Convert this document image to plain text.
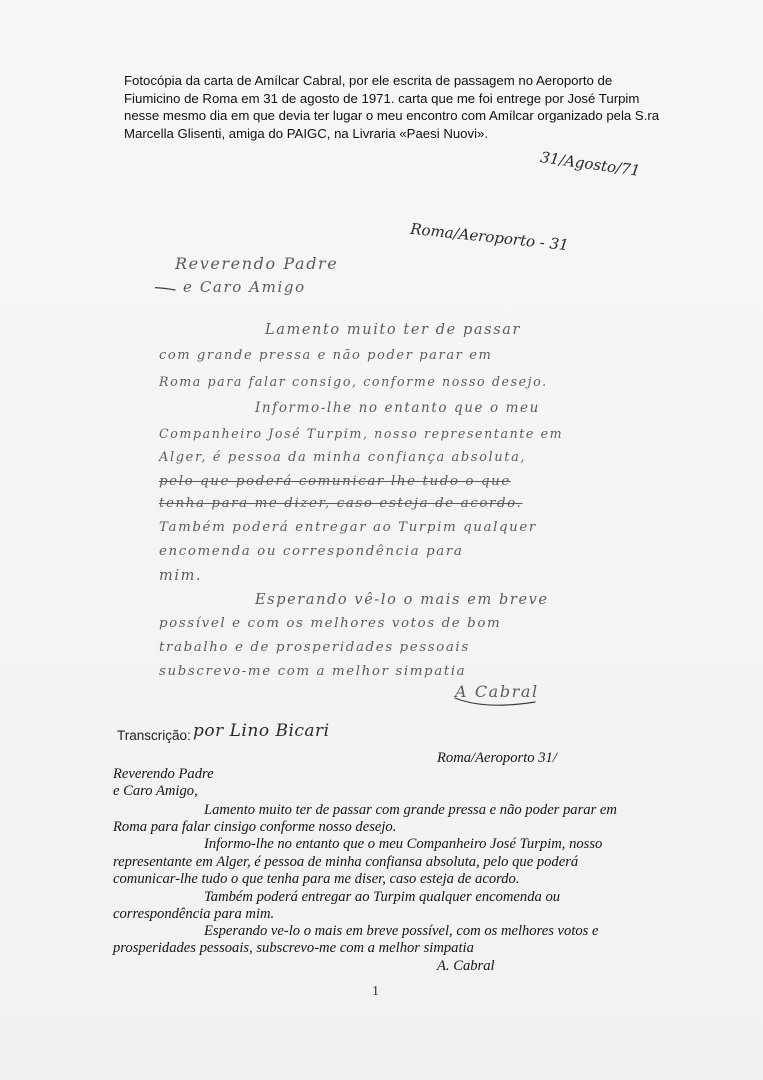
Fotocópia da carta de Amílcar Cabral, por ele escrita de passagem no Aeroporto de
Fiumicino de Roma em 31 de agosto de 1971. carta que me foi entrege por José Turpim
nesse mesmo dia em que devia ter lugar o meu encontro com Amílcar organizado pela S.ra
Marcella Glisenti, amiga do PAIGC, na Livraria «Paesi Nuovi».
31/Agosto/71
Roma/Aeroporto - 31
Reverendo Padre
e Caro Amigo
Lamento muito ter de passar
com grande pressa e não poder parar em
Roma para falar consigo, conforme nosso desejo.
Informo-lhe no entanto que o meu
Companheiro José Turpim, nosso representante em
Alger, é pessoa da minha confiança absoluta,
pelo que poderá comunicar-lhe tudo o que
tenha para me dizer, caso esteja de acordo.
Também poderá entregar ao Turpim qualquer
encomenda ou correspondência para
mim.
Esperando vê-lo o mais em breve
possível e com os melhores votos de bom
trabalho e de prosperidades pessoais
subscrevo-me com a melhor simpatia
A Cabral
Transcrição: por Lino Bicari
Roma/Aeroporto 31/
Reverendo Padre
e Caro Amigo,
Lamento muito ter de passar com grande pressa e não poder parar em
Roma para falar cinsigo conforme nosso desejo.
Informo-lhe no entanto que o meu Companheiro José Turpim, nosso
representante em Alger, é pessoa de minha confiansa absoluta, pelo que poderá
comunicar-lhe tudo o que tenha para me diser, caso esteja de acordo.
Também poderá entregar ao Turpim qualquer encomenda ou
correspondência para mim.
Esperando ve-lo o mais em breve possível, com os melhores votos e
prosperidades pessoais, subscrevo-me com a melhor simpatia
A. Cabral
1
